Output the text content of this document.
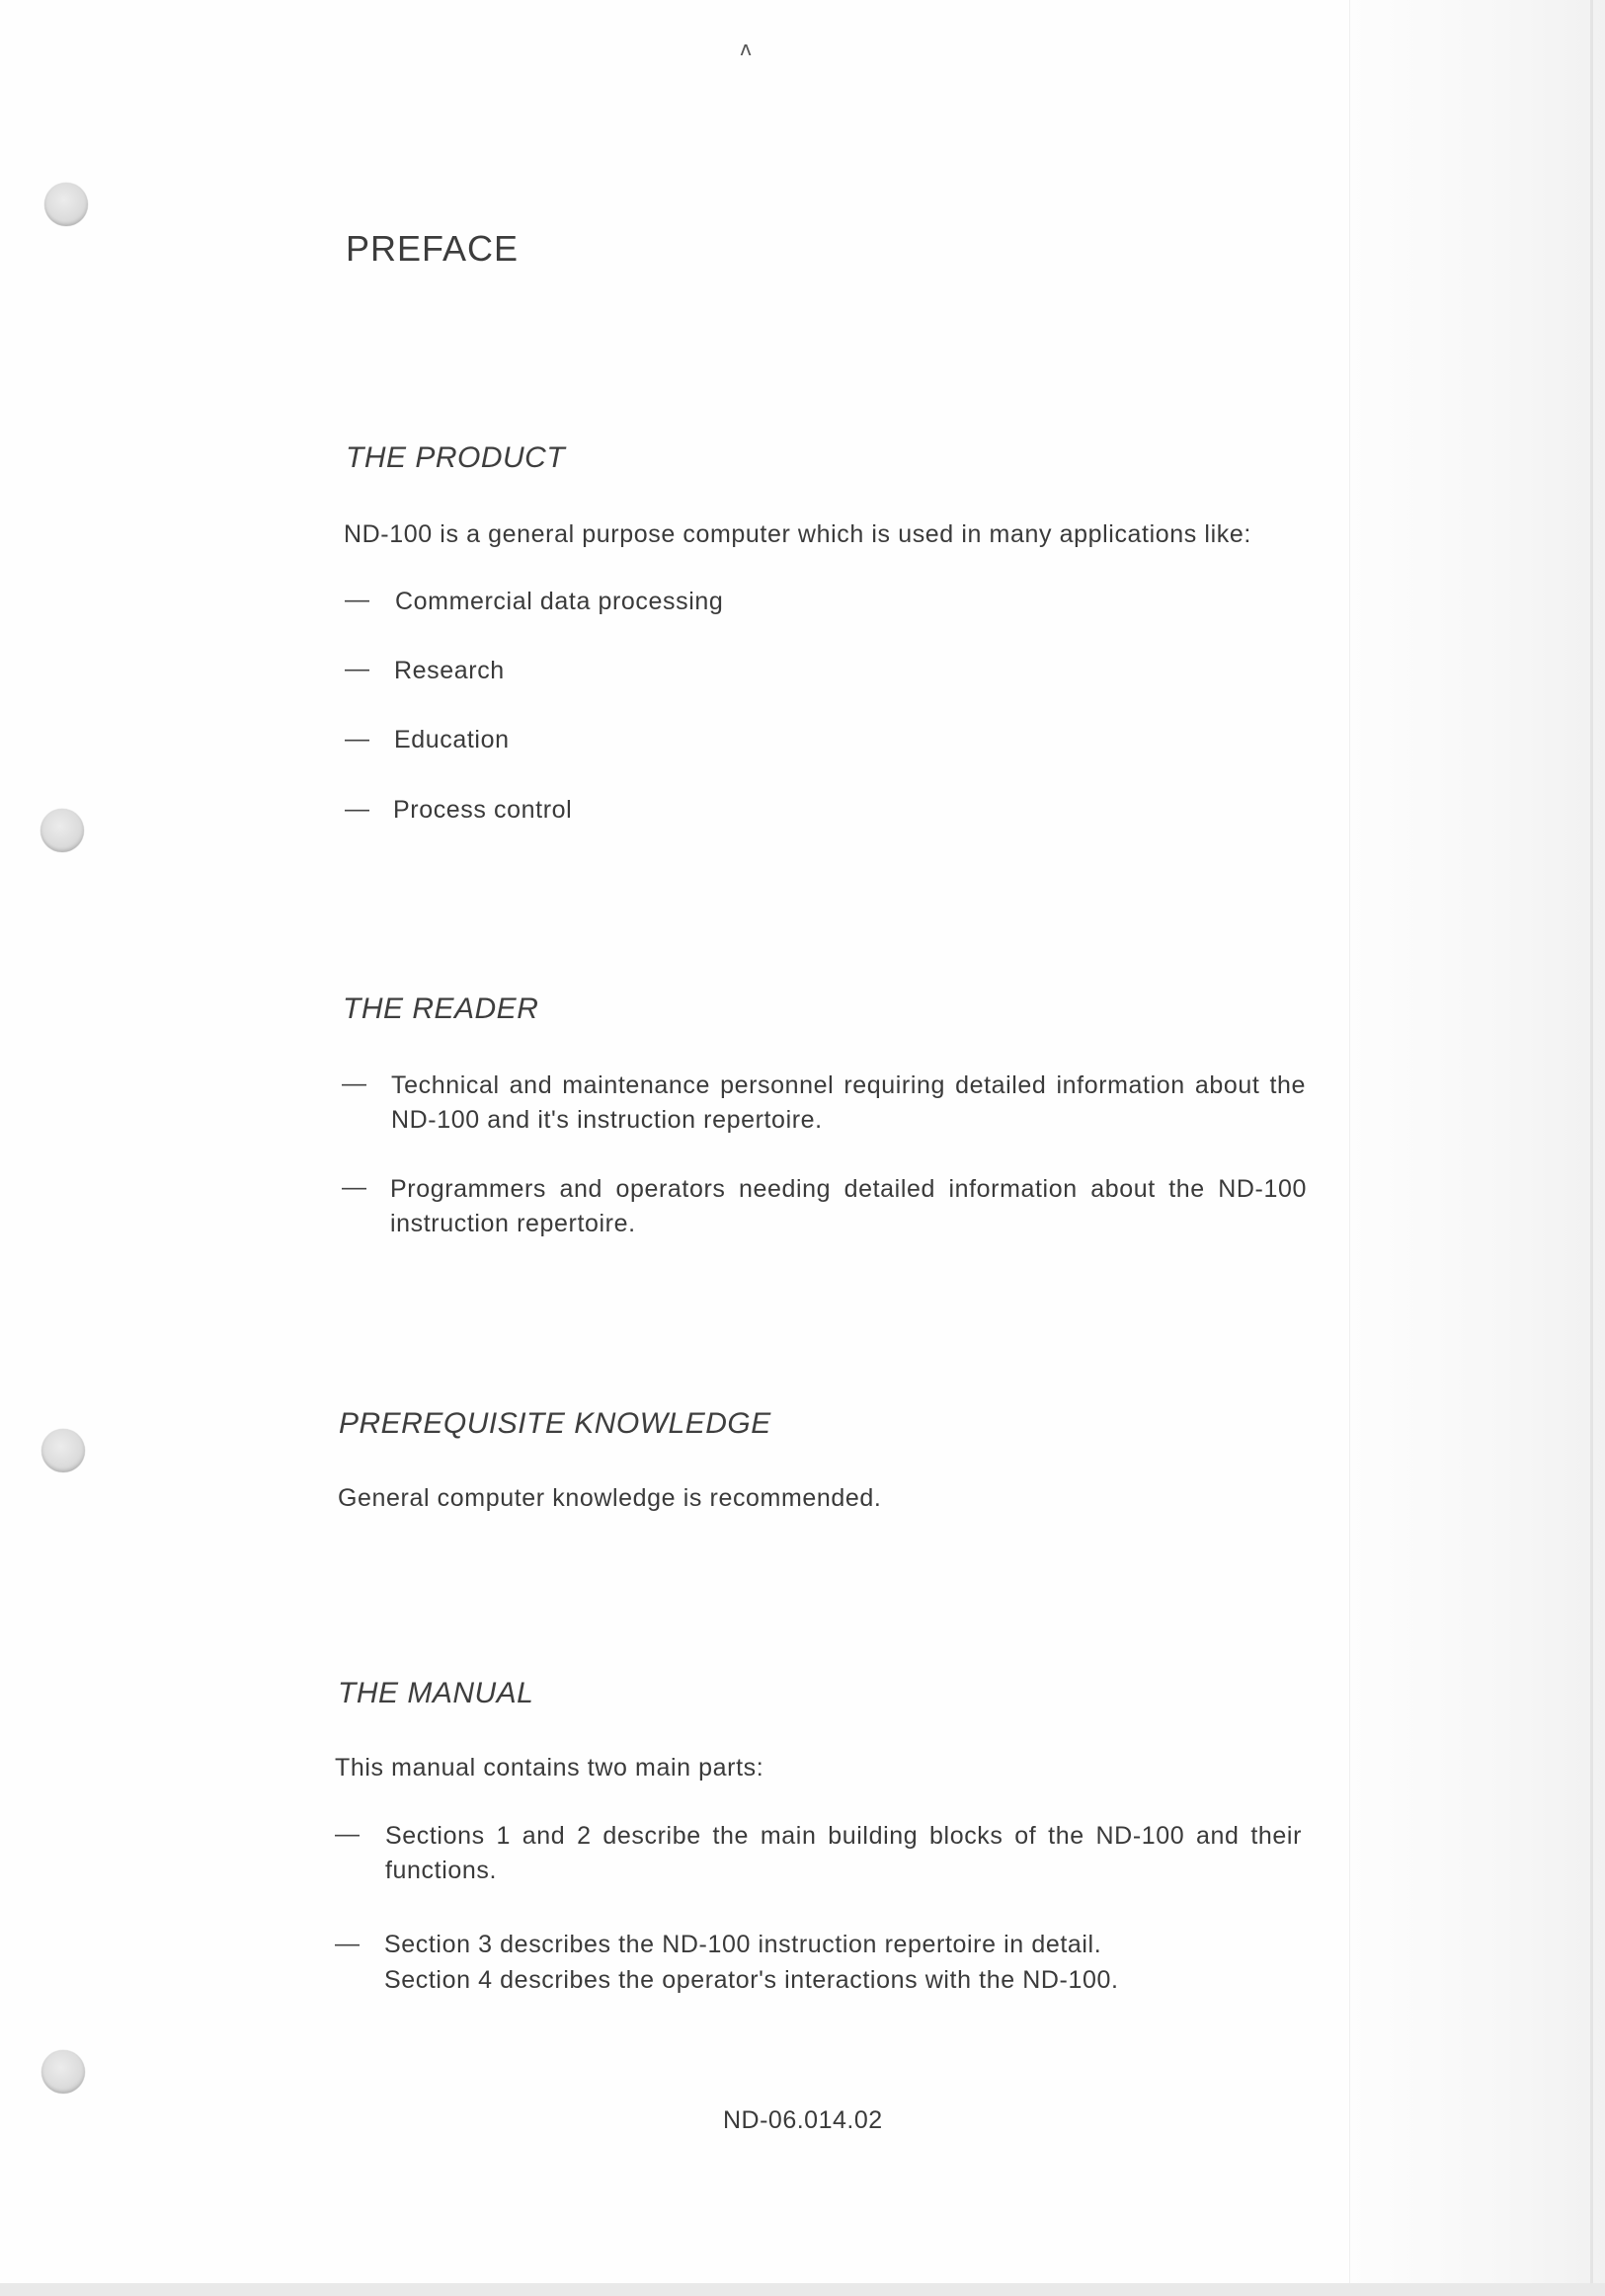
v
PREFACE
THE PRODUCT
ND-100 is a general purpose computer which is used in many applications like:
— Commercial data processing
— Research
— Education
— Process control
THE READER
— Technical and maintenance personnel requiring detailed information about the ND-100 and it's instruction repertoire.
— Programmers and operators needing detailed information about the ND-100 instruction repertoire.
PREREQUISITE KNOWLEDGE
General computer knowledge is recommended.
THE MANUAL
This manual contains two main parts:
— Sections 1 and 2 describe the main building blocks of the ND-100 and their functions.
— Section 3 describes the ND-100 instruction repertoire in detail.
Section 4 describes the operator's interactions with the ND-100.
ND-06.014.02
